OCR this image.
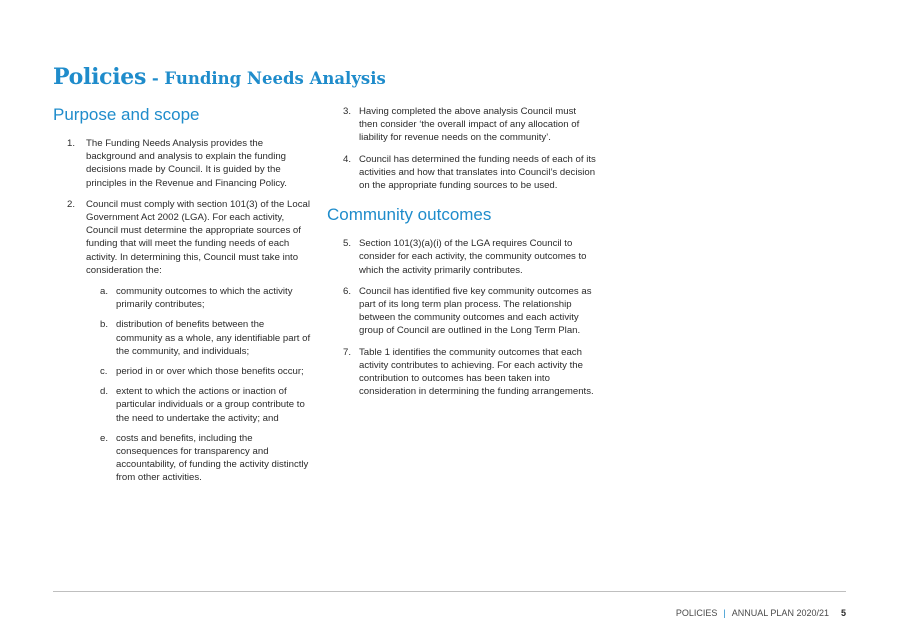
Policies - Funding Needs Analysis
Purpose and scope
1. The Funding Needs Analysis provides the background and analysis to explain the funding decisions made by Council. It is guided by the principles in the Revenue and Financing Policy.
2. Council must comply with section 101(3) of the Local Government Act 2002 (LGA). For each activity, Council must determine the appropriate sources of funding that will meet the funding needs of each activity. In determining this, Council must take into consideration the:
a. community outcomes to which the activity primarily contributes;
b. distribution of benefits between the community as a whole, any identifiable part of the community, and individuals;
c. period in or over which those benefits occur;
d. extent to which the actions or inaction of particular individuals or a group contribute to the need to undertake the activity; and
e. costs and benefits, including the consequences for transparency and accountability, of funding the activity distinctly from other activities.
3. Having completed the above analysis Council must then consider ‘the overall impact of any allocation of liability for revenue needs on the community’.
4. Council has determined the funding needs of each of its activities and how that translates into Council’s decision on the appropriate funding sources to be used.
Community outcomes
5. Section 101(3)(a)(i) of the LGA requires Council to consider for each activity, the community outcomes to which the activity primarily contributes.
6. Council has identified five key community outcomes as part of its long term plan process. The relationship between the community outcomes and each activity group of Council are outlined in the Long Term Plan.
7. Table 1 identifies the community outcomes that each activity contributes to achieving. For each activity the contribution to outcomes has been taken into consideration in determining the funding arrangements.
POLICIES | ANNUAL PLAN 2020/21 5
